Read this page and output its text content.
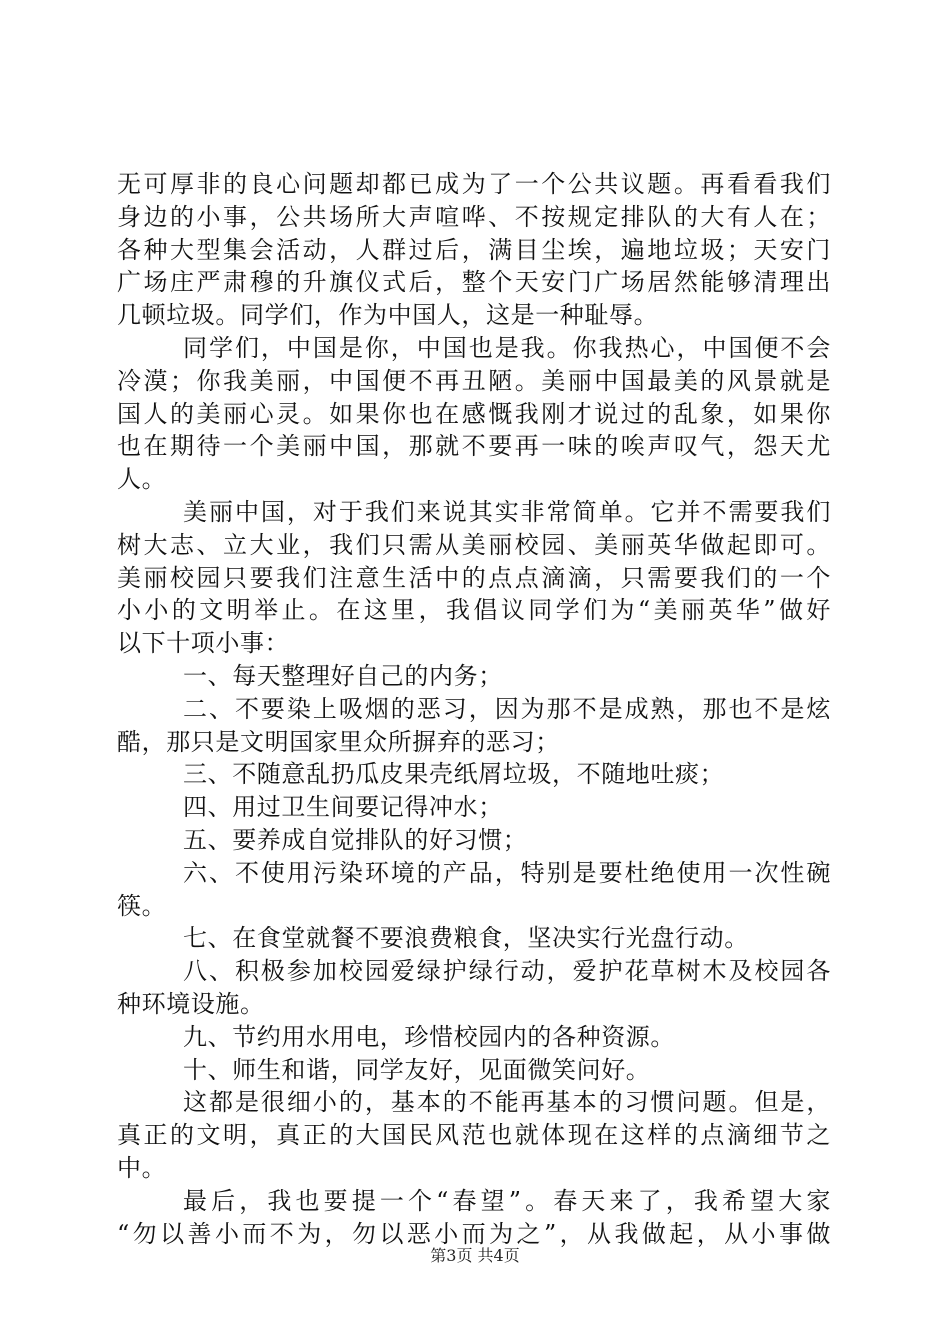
无可厚非的良心问题却都已成为了一个公共议题。再看看我们
身边的小事，公共场所大声喧哗、不按规定排队的大有人在；
各种大型集会活动，人群过后，满目尘埃，遍地垃圾；天安门
广场庄严肃穆的升旗仪式后，整个天安门广场居然能够清理出
几顿垃圾。同学们，作为中国人，这是一种耻辱。
同学们，中国是你，中国也是我。你我热心，中国便不会
冷漠；你我美丽，中国便不再丑陋。美丽中国最美的风景就是
国人的美丽心灵。如果你也在感慨我刚才说过的乱象，如果你
也在期待一个美丽中国，那就不要再一味的唉声叹气，怨天尤
人。
美丽中国，对于我们来说其实非常简单。它并不需要我们
树大志、立大业，我们只需从美丽校园、美丽英华做起即可。
美丽校园只要我们注意生活中的点点滴滴，只需要我们的一个
小小的文明举止。在这里，我倡议同学们为“美丽英华”做好
以下十项小事：
一、每天整理好自己的内务；
二、不要染上吸烟的恶习，因为那不是成熟，那也不是炫
酷，那只是文明国家里众所摒弃的恶习；
三、不随意乱扔瓜皮果壳纸屑垃圾，不随地吐痰；
四、用过卫生间要记得冲水；
五、要养成自觉排队的好习惯；
六、不使用污染环境的产品，特别是要杜绝使用一次性碗
筷。
七、在食堂就餐不要浪费粮食，坚决实行光盘行动。
八、积极参加校园爱绿护绿行动，爱护花草树木及校园各
种环境设施。
九、节约用水用电，珍惜校园内的各种资源。
十、师生和谐，同学友好，见面微笑问好。
这都是很细小的，基本的不能再基本的习惯问题。但是，
真正的文明，真正的大国民风范也就体现在这样的点滴细节之
中。
最后，我也要提一个“春望”。春天来了，我希望大家
“勿以善小而不为，勿以恶小而为之”，从我做起，从小事做
第3页 共4页
